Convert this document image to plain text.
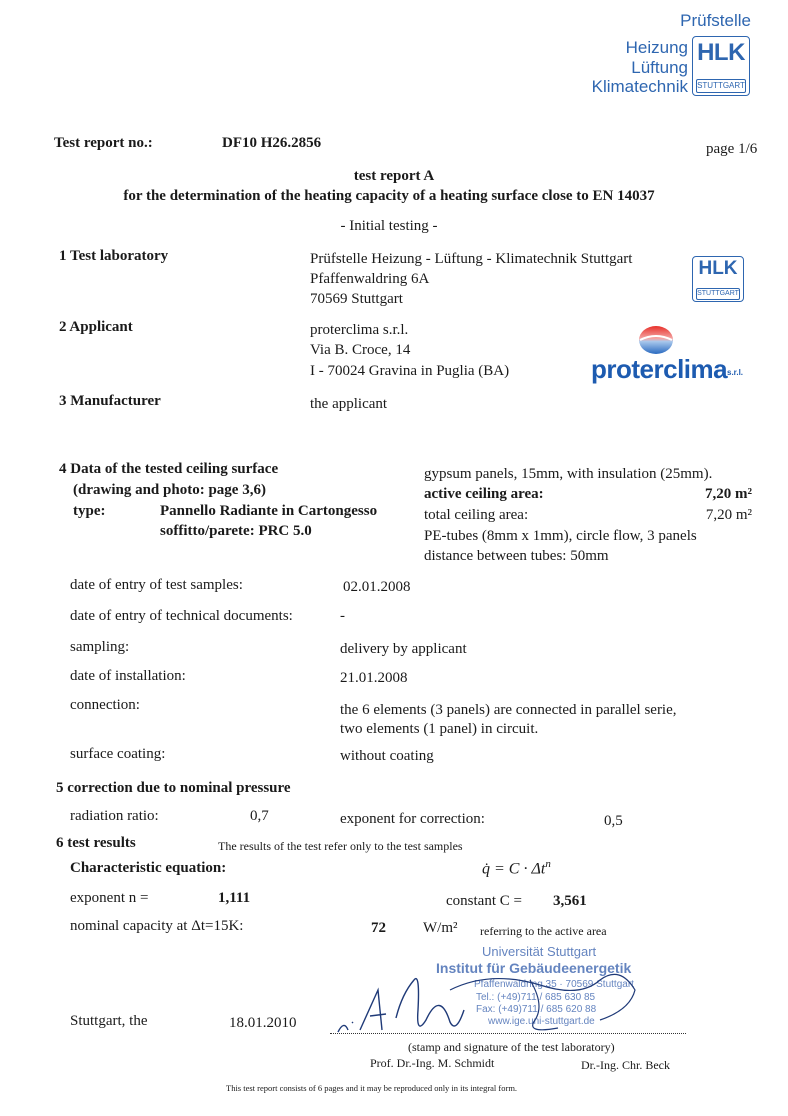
Prüfstelle
Heizung
Lüftung
Klimatechnik
HLK
STUTTGART
Test report no.:	DF10 H26.2856	page 1/6
test report A
for the determination of the heating capacity of a heating surface close to EN 14037
- Initial testing -
1 Test laboratory	Prüfstelle Heizung - Lüftung - Klimatechnik Stuttgart
Pfaffenwaldring 6A
70569 Stuttgart
HLK
STUTTGART
2 Applicant	proterclima s.r.l.
Via B. Croce, 14
I - 70024 Gravina in Puglia (BA)	proterclima s.r.l.
3 Manufacturer	the applicant
4 Data of the tested ceiling surface
(drawing and photo: page 3,6)
type:	Pannello Radiante in Cartongesso
soffitto/parete: PRC 5.0
gypsum panels, 15mm, with insulation (25mm).
active ceiling area:	7,20 m²
total ceiling area:	7,20 m²
PE-tubes (8mm x 1mm), circle flow, 3 panels
distance between tubes: 50mm
date of entry of test samples:	02.01.2008
date of entry of technical documents:	-
sampling:	delivery by applicant
date of installation:	21.01.2008
connection:	the 6 elements (3 panels) are connected in parallel serie,
two elements (1 panel) in circuit.
surface coating:	without coating
5 correction due to nominal pressure
radiation ratio:	0,7	exponent for correction:	0,5
6 test results	The results of the test refer only to the test samples
Characteristic equation:	q̇ = $C \cdot \Delta t^n$
exponent n =	1,111	constant C = 3,561
nominal capacity at Δt=15K:	72 W/m² referring to the active area
Universität Stuttgart
Institut für Gebäudeenergetik
Pfaffenwaldring 35 · 70569 Stuttgart
Tel.: (+49)711 / 685 630 85
Fax: (+49)711 / 685 620 88
www.ige.uni-stuttgart.de
Stuttgart, the	18.01.2010
(stamp and signature of the test laboratory)
Prof. Dr.-Ing. M. Schmidt	Dr.-Ing. Chr. Beck
This test report consists of 6 pages and it may be reproduced only in its integral form.
